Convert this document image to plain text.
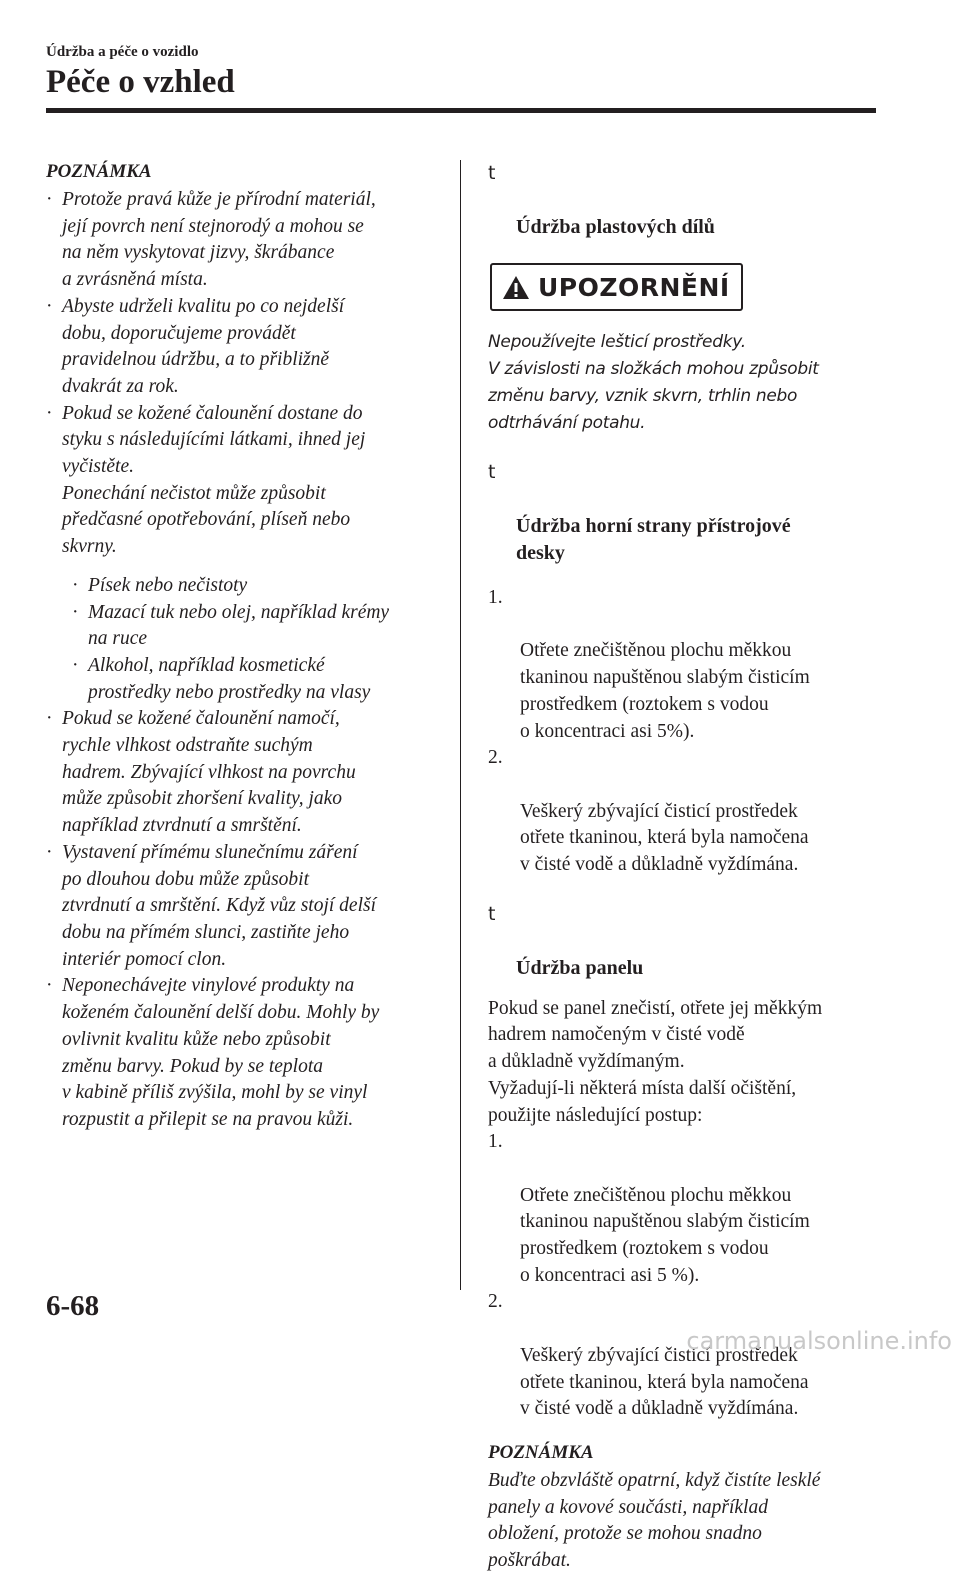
Údržba a péče o vozidlo
Péče o vzhled
POZNÁMKA
· Protože pravá kůže je přírodní materiál,
její povrch není stejnorodý a mohou se
na něm vyskytovat jizvy, škrábance
a zvrásněná místa.
· Abyste udrželi kvalitu po co nejdelší
dobu, doporučujeme provádět
pravidelnou údržbu, a to přibližně
dvakrát za rok.
· Pokud se kožené čalounění dostane do
styku s následujícími látkami, ihned jej
vyčistěte.
Ponechání nečistot může způsobit
předčasné opotřebování, plíseň nebo
skvrny.
· Písek nebo nečistoty
· Mazací tuk nebo olej, například krémy
na ruce
· Alkohol, například kosmetické
prostředky nebo prostředky na vlasy
· Pokud se kožené čalounění namočí,
rychle vlhkost odstraňte suchým
hadrem. Zbývající vlhkost na povrchu
může způsobit zhoršení kvality, jako
například ztvrdnutí a smrštění.
· Vystavení přímému slunečnímu záření
po dlouhou dobu může způsobit
ztvrdnutí a smrštění. Když vůz stojí delší
dobu na přímém slunci, zastiňte jeho
interiér pomocí clon.
· Neponechávejte vinylové produkty na
koženém čalounění delší dobu. Mohly by
ovlivnit kvalitu kůže nebo způsobit
změnu barvy. Pokud by se teplota
v kabině příliš zvýšila, mohl by se vinyl
rozpustit a přilepit se na pravou kůži.

t

Údržba plastových dílů

UPOZORNĚNÍ
Nepoužívejte lešticí prostředky.
V závislosti na složkách mohou způsobit
změnu barvy, vznik skvrn, trhlin nebo
odtrhávání potahu.

t

Údržba horní strany přístrojové
desky

1.

Otřete znečištěnou plochu měkkou
tkaninou napuštěnou slabým čisticím
prostředkem (roztokem s vodou
o koncentraci asi 5%).

2.

Veškerý zbývající čisticí prostředek
otřete tkaninou, která byla namočena
v čisté vodě a důkladně vyždímána.

t

Údržba panelu

Pokud se panel znečistí, otřete jej měkkým
hadrem namočeným v čisté vodě
a důkladně vyždímaným.
Vyžadují-li některá místa další očištění,
použijte následující postup:

1.

Otřete znečištěnou plochu měkkou
tkaninou napuštěnou slabým čisticím
prostředkem (roztokem s vodou
o koncentraci asi 5 %).

2.

Veškerý zbývající čisticí prostředek
otřete tkaninou, která byla namočena
v čisté vodě a důkladně vyždímána.

POZNÁMKA
Buďte obzvláště opatrní, když čistíte lesklé
panely a kovové součásti, například
obložení, protože se mohou snadno
poškrábat.
6-68
carmanualsonline.info
